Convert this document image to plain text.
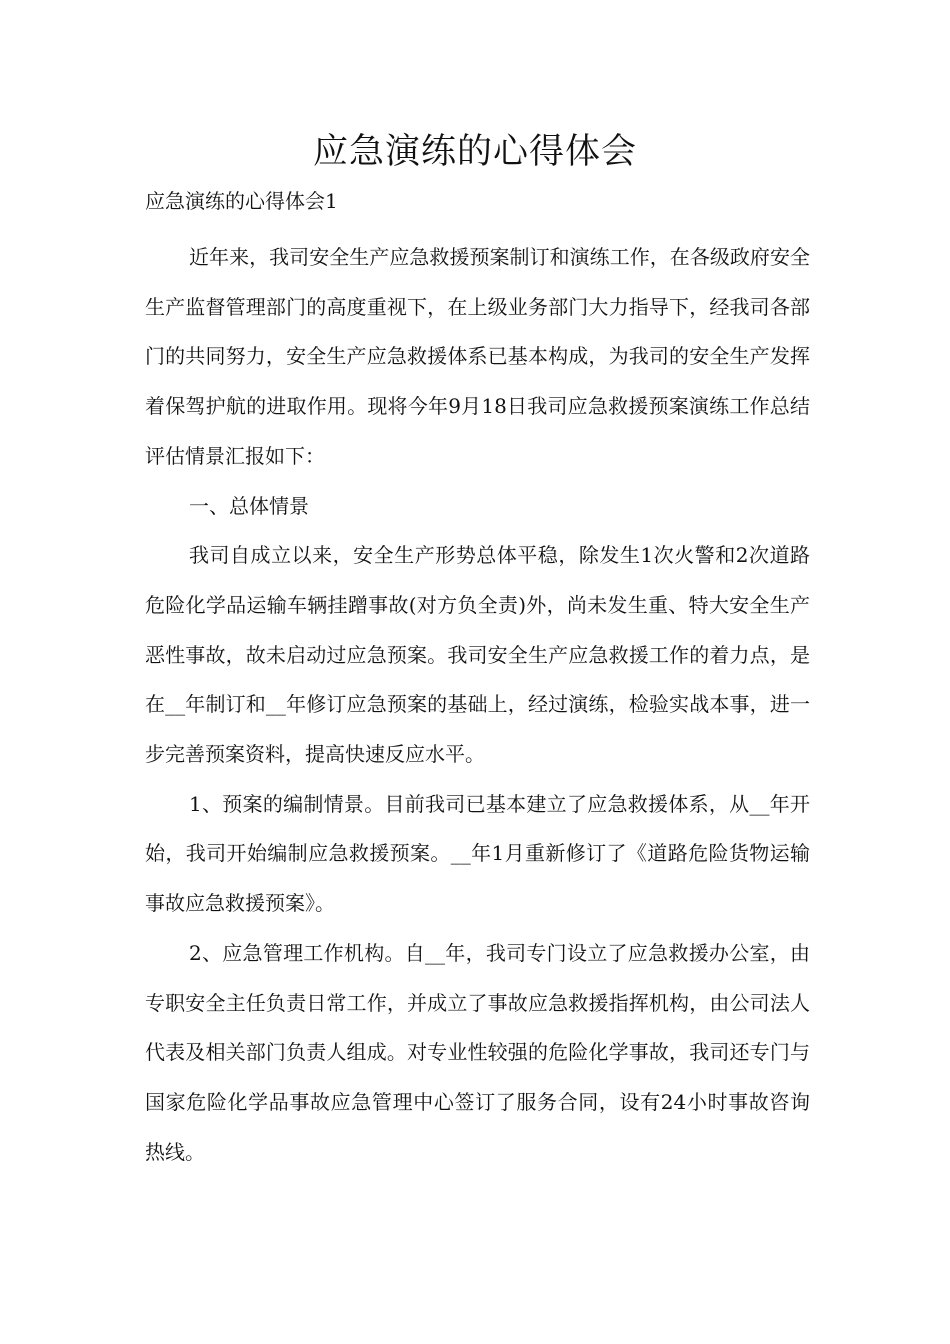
应急演练的心得体会
应急演练的心得体会1

近年来，我司安全生产应急救援预案制订和演练工作，在各级政府安全生产监督管理部门的高度重视下，在上级业务部门大力指导下，经我司各部门的共同努力，安全生产应急救援体系已基本构成，为我司的安全生产发挥着保驾护航的进取作用。现将今年9月18日我司应急救援预案演练工作总结评估情景汇报如下：

一、总体情景

我司自成立以来，安全生产形势总体平稳，除发生1次火警和2次道路危险化学品运输车辆挂蹭事故(对方负全责)外，尚未发生重、特大安全生产恶性事故，故未启动过应急预案。我司安全生产应急救援工作的着力点，是在__年制订和__年修订应急预案的基础上，经过演练，检验实战本事，进一步完善预案资料，提高快速反应水平。

1、预案的编制情景。目前我司已基本建立了应急救援体系，从__年开始，我司开始编制应急救援预案。__年1月重新修订了《道路危险货物运输事故应急救援预案》。

2、应急管理工作机构。自__年，我司专门设立了应急救援办公室，由专职安全主任负责日常工作，并成立了事故应急救援指挥机构，由公司法人代表及相关部门负责人组成。对专业性较强的危险化学事故，我司还专门与国家危险化学品事故应急管理中心签订了服务合同，设有24小时事故咨询热线。
